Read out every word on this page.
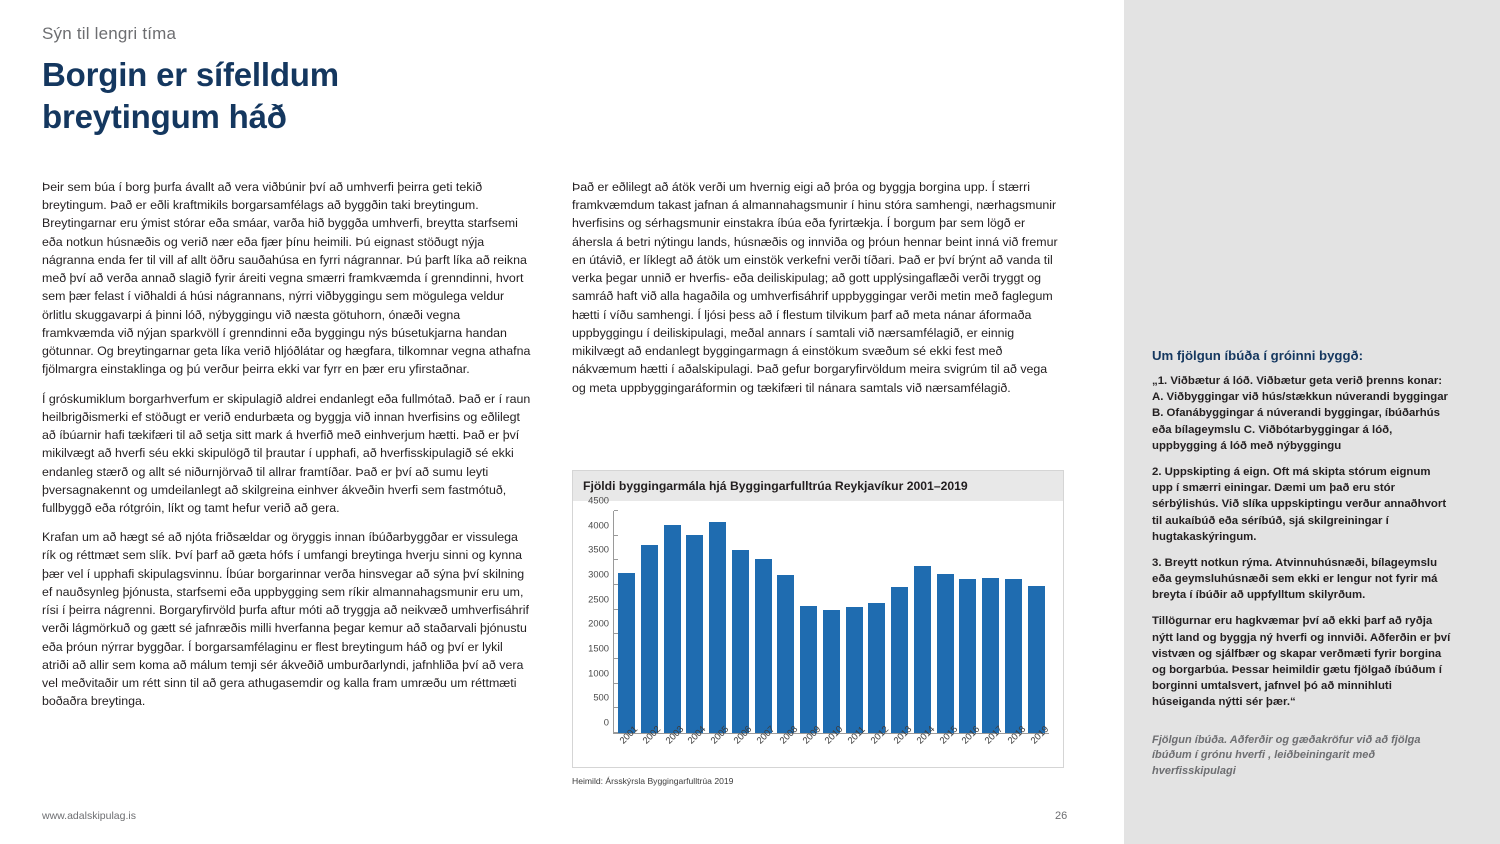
Sýn til lengri tíma
Borgin er sífelldum
breytingum háð

Þeir sem búa í borg þurfa ávallt að vera viðbúnir því að umhverfi þeirra geti tekið breytingum. Það er eðli kraftmikils borgarsamfélags að byggðin taki breytingum. Breytingarnar eru ýmist stórar eða smáar, varða hið byggða umhverfi, breytta starfsemi eða notkun húsnæðis og verið nær eða fjær þínu heimili. Þú eignast stöðugt nýja nágranna enda fer til vill af allt öðru sauðahúsa en fyrri nágrannar. Þú þarft líka að reikna með því að verða annað slagið fyrir áreiti vegna smærri framkvæmda í grenndinni, hvort sem þær felast í viðhaldi á húsi nágrannans, nýrri viðbyggingu sem mögulega veldur örlitlu skuggavarpi á þinni lóð, nýbyggingu við næsta götuhorn, ónæði vegna framkvæmda við nýjan sparkvöll í grenndinni eða byggingu nýs búsetukjarna handan götunnar. Og breytingarnar geta líka verið hljóðlátar og hægfara, tilkomnar vegna athafna fjölmargra einstaklinga og þú verður þeirra ekki var fyrr en þær eru yfirstaðnar.

Í gróskumiklum borgarhverfum er skipulagið aldrei endanlegt eða fullmótað. Það er í raun heilbrigðismerki ef stöðugt er verið endurbæta og byggja við innan hverfisins og eðlilegt að íbúarnir hafi tækifæri til að setja sitt mark á hverfið með einhverjum hætti. Það er því mikilvægt að hverfi séu ekki skipulögð til þrautar í upphafi, að hverfisskipulagið sé ekki endanleg stærð og allt sé niðurnjörvað til allrar framtíðar. Það er því að sumu leyti þversagnakennt og umdeilanlegt að skilgreina einhver ákveðin hverfi sem fastmótuð, fullbyggð eða rótgróin, líkt og tamt hefur verið að gera.

Krafan um að hægt sé að njóta friðsældar og öryggis innan íbúðarbyggðar er vissulega rík og réttmæt sem slík. Því þarf að gæta hófs í umfangi breytinga hverju sinni og kynna þær vel í upphafi skipulagsvinnu. Íbúar borgarinnar verða hinsvegar að sýna því skilning ef nauðsynleg þjónusta, starfsemi eða uppbygging sem ríkir almannahagsmunir eru um, rísi í þeirra nágrenni. Borgaryfirvöld þurfa aftur móti að tryggja að neikvæð umhverfisáhrif verði lágmörkuð og gætt sé jafnræðis milli hverfanna þegar kemur að staðarvali þjónustu eða þróun nýrrar byggðar. Í borgarsamfélaginu er flest breytingum háð og því er lykil atriði að allir sem koma að málum temji sér ákveðið umburðarlyndi, jafnhliða því að vera vel meðvitaðir um rétt sinn til að gera athugasemdir og kalla fram umræðu um réttmæti boðaðra breytinga.

Það er eðlilegt að átök verði um hvernig eigi að þróa og byggja borgina upp. Í stærri framkvæmdum takast jafnan á almannahagsmunir í hinu stóra samhengi, nærhagsmunir hverfisins og sérhagsmunir einstakra íbúa eða fyrirtækja. Í borgum þar sem lögð er áhersla á betri nýtingu lands, húsnæðis og innviða og þróun hennar beint inná við fremur en útávið, er líklegt að átök um einstök verkefni verði tíðari. Það er því brýnt að vanda til verka þegar unnið er hverfis- eða deiliskipulag; að gott upplýsingaflæði verði tryggt og samráð haft við alla hagaðila og umhverfisáhrif uppbyggingar verði metin með faglegum hætti í víðu samhengi. Í ljósi þess að í flestum tilvikum þarf að meta nánar áformaða uppbyggingu í deiliskipulagi, meðal annars í samtali við nærsamfélagið, er einnig mikilvægt að endanlegt byggingarmagn á einstökum svæðum sé ekki fest með nákvæmum hætti í aðalskipulagi. Það gefur borgaryfirvöldum meira svigrúm til að vega og meta uppbyggingaráformin og tækifæri til nánara samtals við nærsamfélagið.

Fjöldi byggingarmála hjá Byggingarfulltrúa Reykjavíkur 2001–2019
0
500
1000
1500
2000
2500
3000
3500
4000
4500
2001 2002 2003 2004 2005 2006 2007 2008 2009 2010 2011 2012 2013 2014 2015 2016 2017 2018 2019
Heimild: Ársskýrsla Byggingarfulltrúa 2019
Um fjölgun íbúða í gróinni byggð:

„1. Viðbætur á lóð. Viðbætur geta verið þrenns konar: A. Viðbyggingar við hús/stækkun núverandi byggingar B. Ofanábyggingar á núverandi byggingar, íbúðarhús eða bílageymslu C. Viðbótarbyggingar á lóð, uppbygging á lóð með nýbyggingu

2. Uppskipting á eign. Oft má skipta stórum eignum upp í smærri einingar. Dæmi um það eru stór sérbýlishús. Við slíka uppskiptingu verður annaðhvort til aukaíbúð eða séríbúð, sjá skilgreiningar í hugtakaskýringum.

3. Breytt notkun rýma. Atvinnuhúsnæði, bílageymslu eða geymsluhúsnæði sem ekki er lengur not fyrir má breyta í íbúðir að uppfylltum skilyrðum.

Tillögurnar eru hagkvæmar því að ekki þarf að ryðja nýtt land og byggja ný hverfi og innviði. Aðferðin er því vistvæn og sjálfbær og skapar verðmæti fyrir borgina og borgarbúa. Þessar heimildir gætu fjölgað íbúðum í borginni umtalsvert, jafnvel þó að minnihluti húseiganda nýtti sér þær.“

Fjölgun íbúða. Aðferðir og gæðakröfur við að fjölga íbúðum í grónu hverfi , leiðbeiningarit með hverfisskipulagi
www.adalskipulag.is	26
